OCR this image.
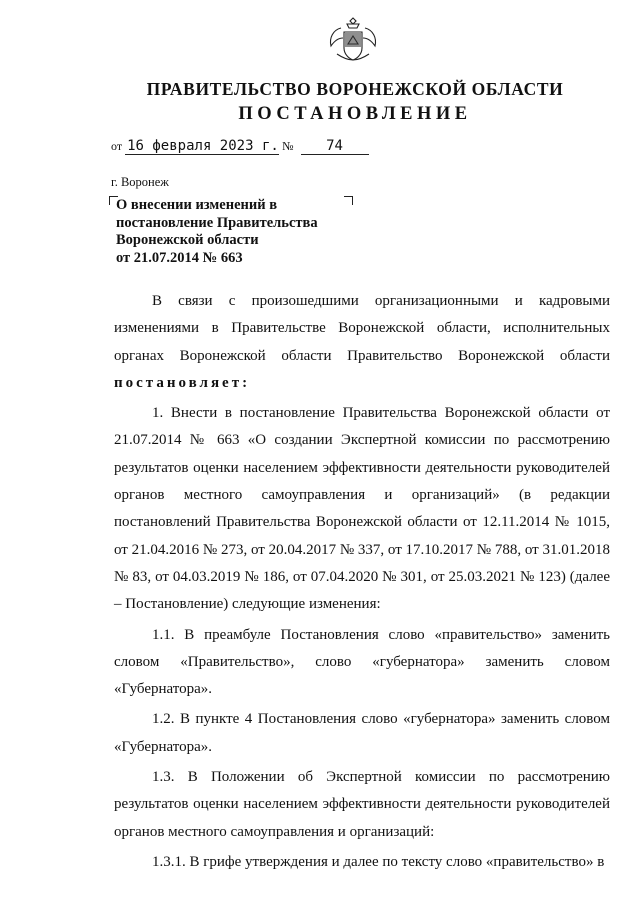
ПРАВИТЕЛЬСТВО ВОРОНЕЖСКОЙ ОБЛАСТИ
ПОСТАНОВЛЕНИЕ
от 16 февраля 2023 г. № 74
г. Воронеж
О внесении изменений в
постановление Правительства
Воронежской области
от 21.07.2014 № 663

В связи с произошедшими организационными и кадровыми изменениями в Правительстве Воронежской области, исполнительных органах Воронежской области Правительство Воронежской области постановляет:

1. Внести в постановление Правительства Воронежской области от 21.07.2014 № 663 «О создании Экспертной комиссии по рассмотрению результатов оценки населением эффективности деятельности руководителей органов местного самоуправления и организаций» (в редакции постановлений Правительства Воронежской области от 12.11.2014 № 1015, от 21.04.2016 № 273, от 20.04.2017 № 337, от 17.10.2017 № 788, от 31.01.2018 № 83, от 04.03.2019 № 186, от 07.04.2020 № 301, от 25.03.2021 № 123) (далее – Постановление) следующие изменения:

1.1. В преамбуле Постановления слово «правительство» заменить словом «Правительство», слово «губернатора» заменить словом «Губернатора».

1.2. В пункте 4 Постановления слово «губернатора» заменить словом «Губернатора».

1.3. В Положении об Экспертной комиссии по рассмотрению результатов оценки населением эффективности деятельности руководителей органов местного самоуправления и организаций:

1.3.1. В грифе утверждения и далее по тексту слово «правительство» в
